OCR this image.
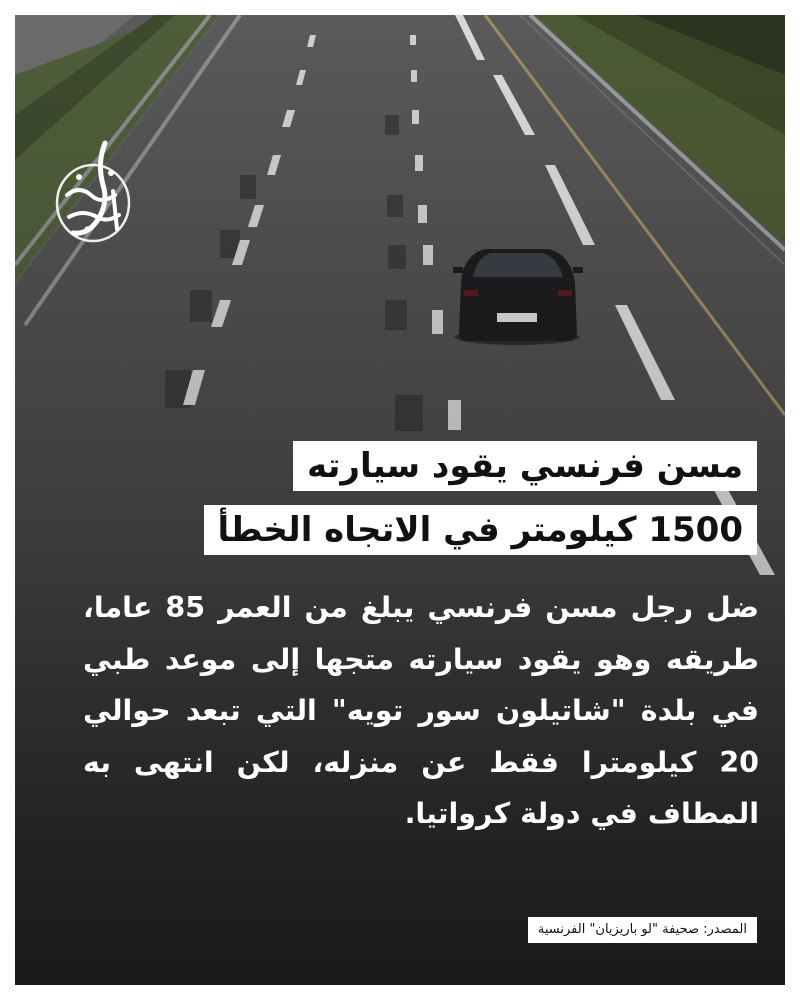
مسن فرنسي يقود سيارته
1500 كيلومتر في الاتجاه الخطأ
ضل رجل مسن فرنسي يبلغ من العمر 85 عاما، طريقه وهو يقود سيارته متجها إلى موعد طبي في بلدة "شاتيلون سور تويه" التي تبعد حوالي 20 كيلومترا فقط عن منزله، لكن انتهى به المطاف في دولة كرواتيا.
المصدر: صحيفة "لو باريزيان" الفرنسية
